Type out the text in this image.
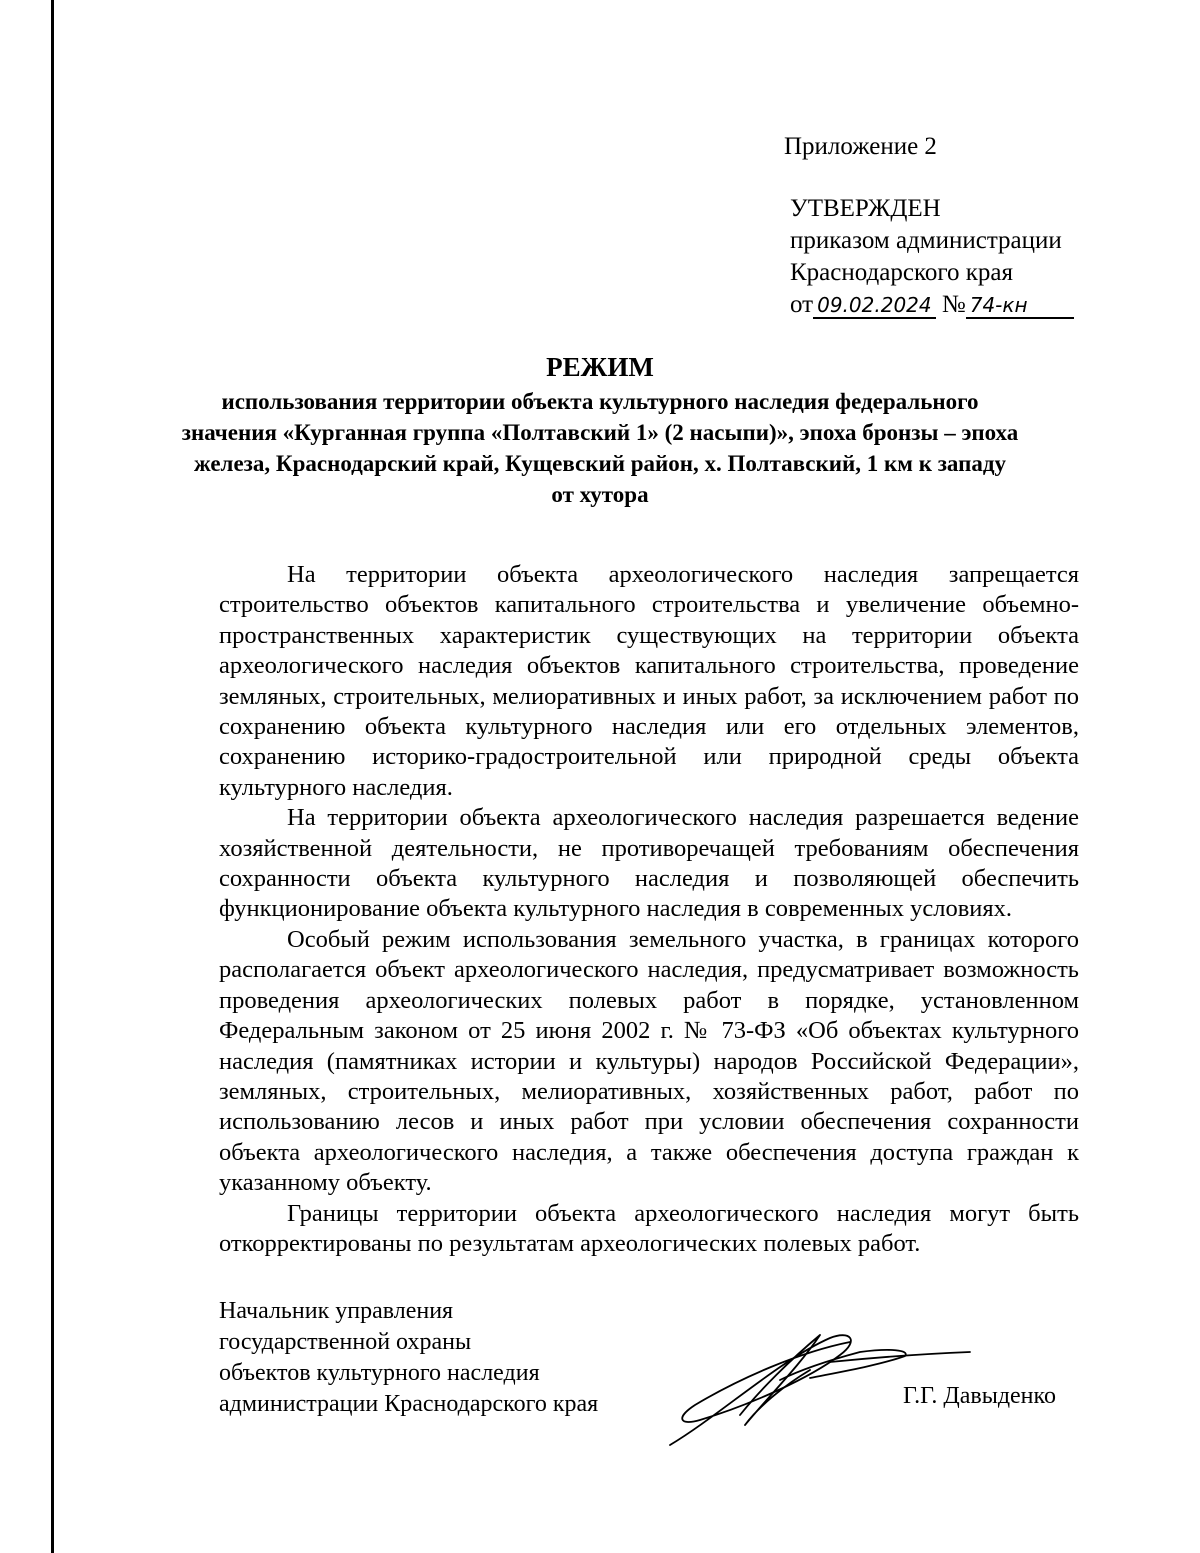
Приложение 2
УТВЕРЖДЕН
приказом администрации
Краснодарского края
от 09.02.2024 № 74-кн
РЕЖИМ
использования территории объекта культурного наследия федерального значения «Курганная группа «Полтавский 1» (2 насыпи)», эпоха бронзы – эпоха железа, Краснодарский край, Кущевский район, х. Полтавский, 1 км к западу от хутора

На территории объекта археологического наследия запрещается строительство объектов капитального строительства и увеличение объемно-пространственных характеристик существующих на территории объекта археологического наследия объектов капитального строительства, проведение земляных, строительных, мелиоративных и иных работ, за исключением работ по сохранению объекта культурного наследия или его отдельных элементов, сохранению историко-градостроительной или природной среды объекта культурного наследия.

На территории объекта археологического наследия разрешается ведение хозяйственной деятельности, не противоречащей требованиям обеспечения сохранности объекта культурного наследия и позволяющей обеспечить функционирование объекта культурного наследия в современных условиях.

Особый режим использования земельного участка, в границах которого располагается объект археологического наследия, предусматривает возможность проведения археологических полевых работ в порядке, установленном Федеральным законом от 25 июня 2002 г. № 73-ФЗ «Об объектах культурного наследия (памятниках истории и культуры) народов Российской Федерации», земляных, строительных, мелиоративных, хозяйственных работ, работ по использованию лесов и иных работ при условии обеспечения сохранности объекта археологического наследия, а также обеспечения доступа граждан к указанному объекту.

Границы территории объекта археологического наследия могут быть откорректированы по результатам археологических полевых работ.

Начальник управления
государственной охраны
объектов культурного наследия
администрации Краснодарского края	Г.Г. Давыденко
